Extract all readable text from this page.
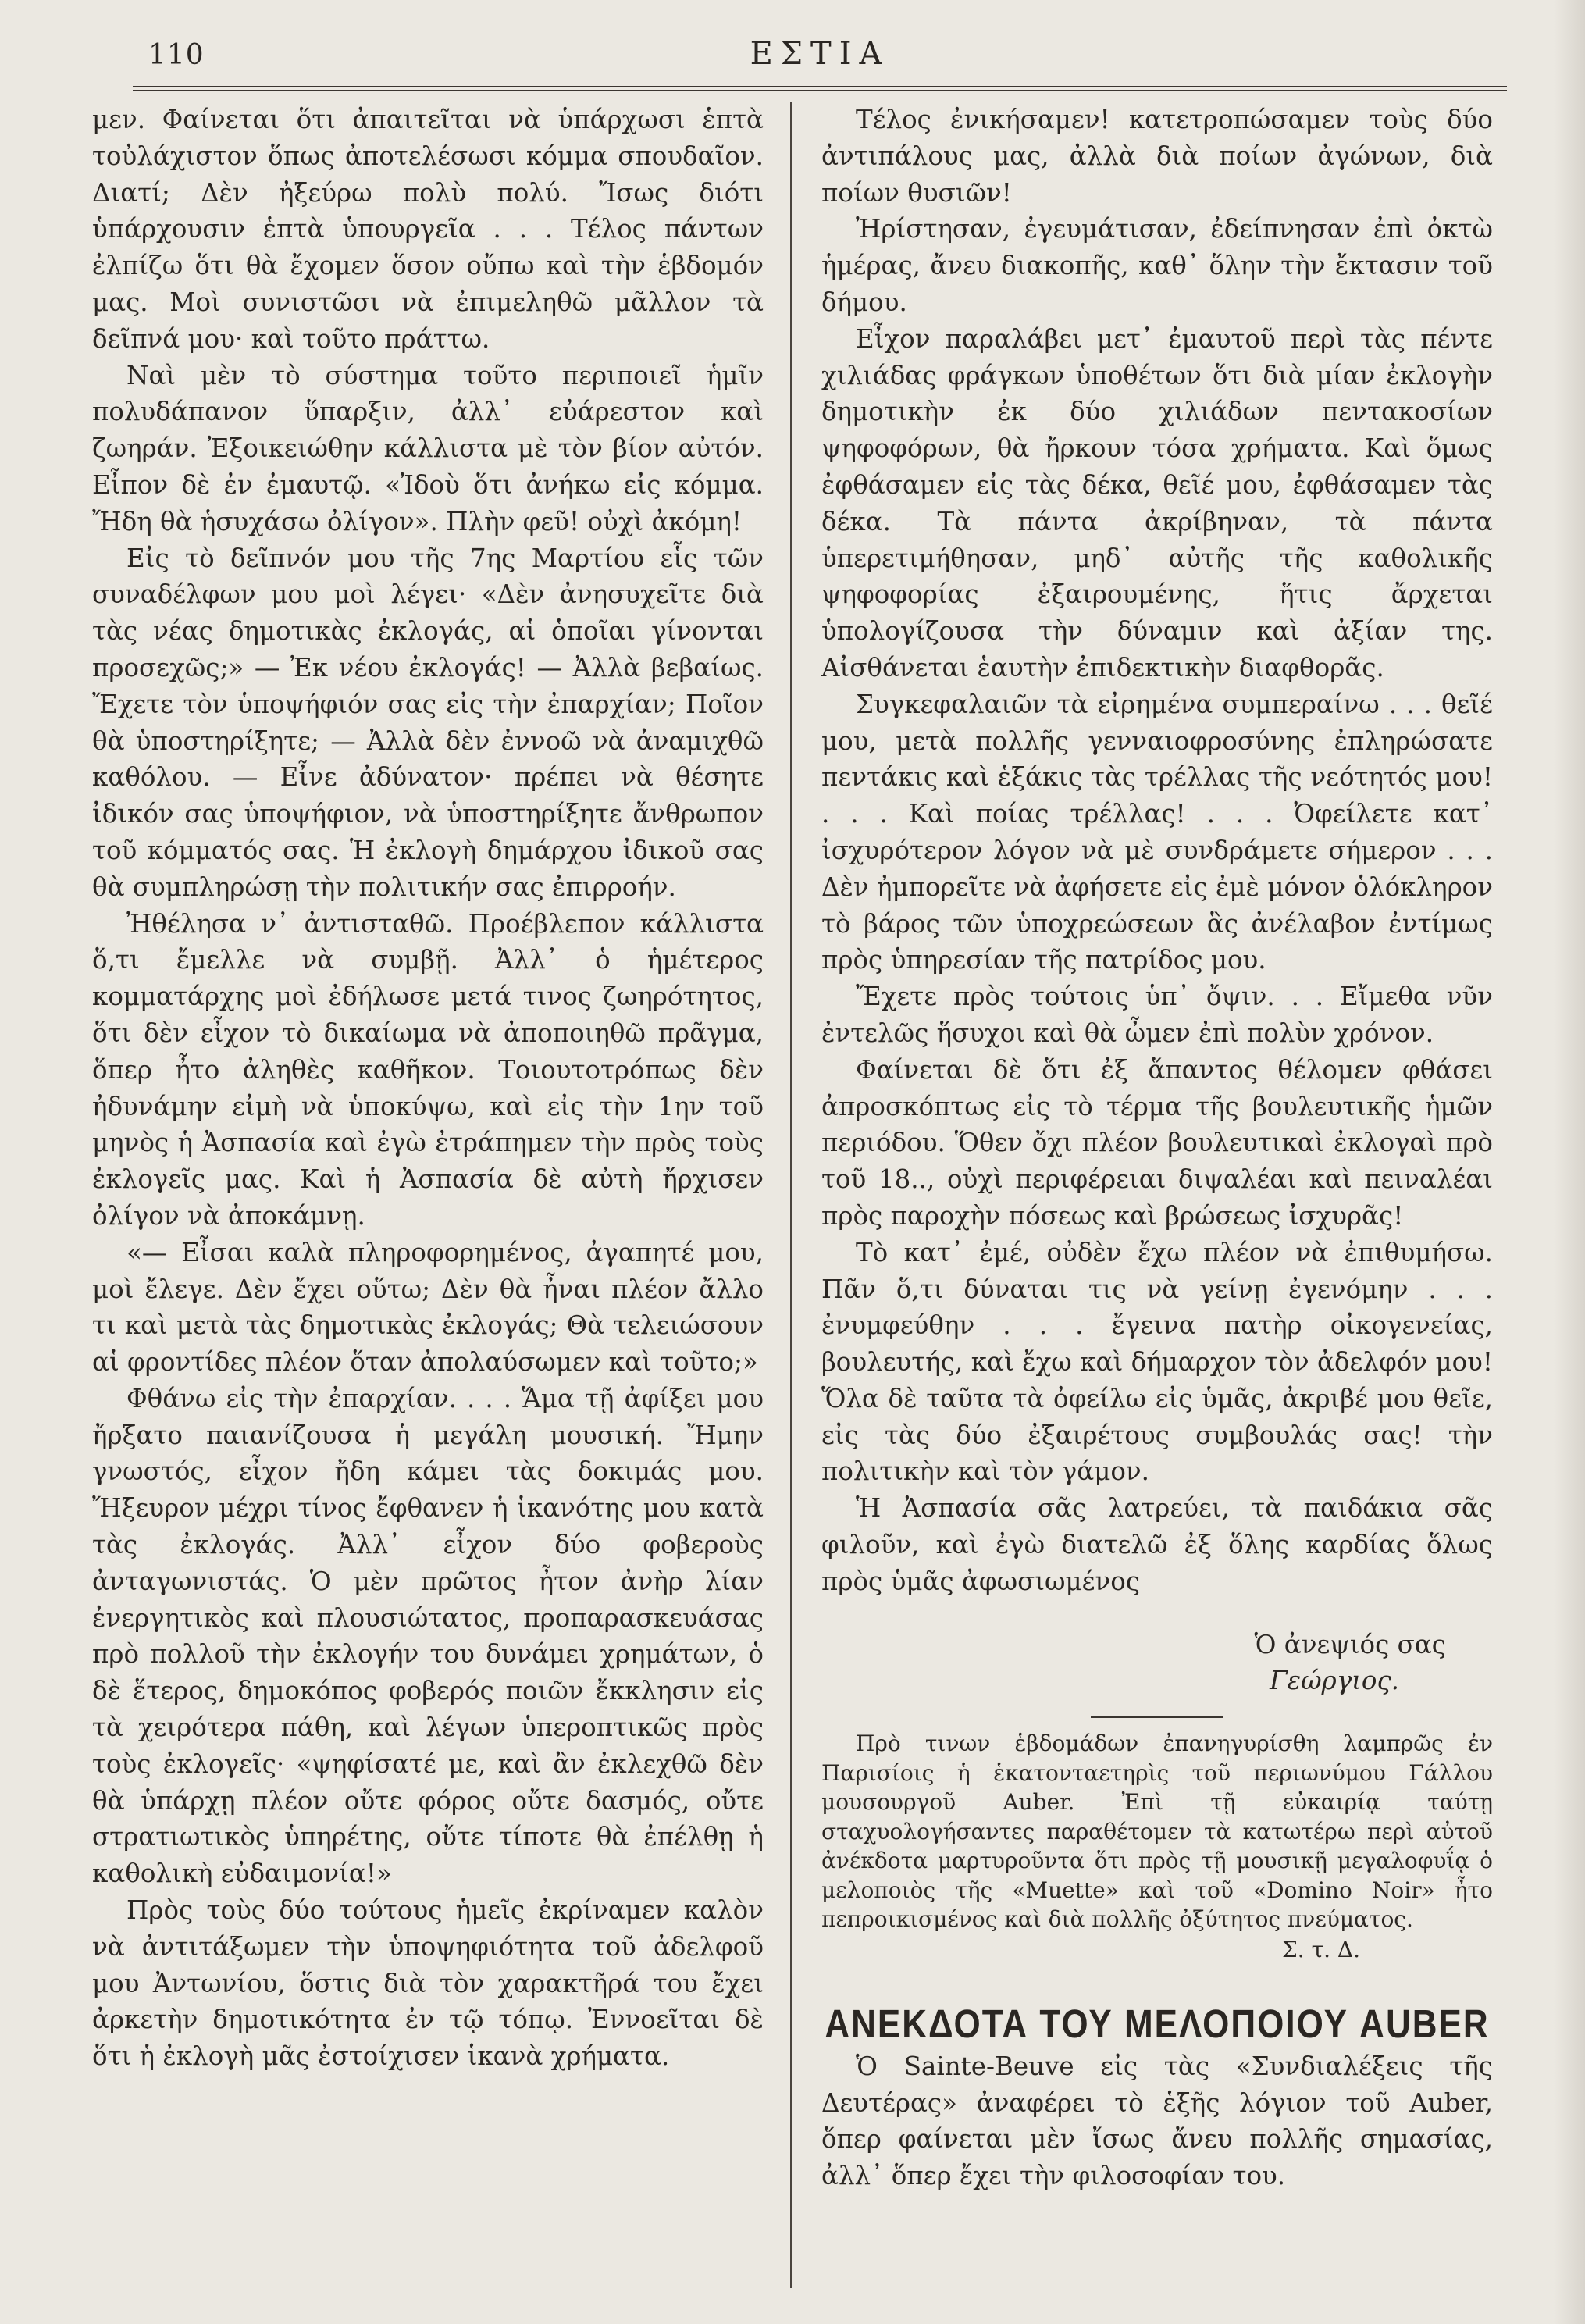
110	ΕΣΤΙΑ

μεν. Φαίνεται ὅτι ἀπαιτεῖται νὰ ὑπάρχωσι ἑπτὰ τοὐλάχιστον ὅπως ἀποτελέσωσι κόμμα σπουδαῖον. Διατί; Δὲν ἠξεύρω πολὺ πολύ. Ἴσως διότι ὑπάρχουσιν ἑπτὰ ὑπουργεῖα . . . Τέλος πάντων ἐλπίζω ὅτι θὰ ἔχομεν ὅσον οὔπω καὶ τὴν ἑβδομόν μας. Μοὶ συνιστῶσι νὰ ἐπιμεληθῶ μᾶλλον τὰ δεῖπνά μου· καὶ τοῦτο πράττω.

Ναὶ μὲν τὸ σύστημα τοῦτο περιποιεῖ ἡμῖν πολυδάπανον ὕπαρξιν, ἀλλ᾽ εὐάρεστον καὶ ζωηράν. Ἐξοικειώθην κάλλιστα μὲ τὸν βίον αὐτόν. Εἶπον δὲ ἐν ἐμαυτῷ. «Ἰδοὺ ὅτι ἀνήκω εἰς κόμμα. Ἤδη θὰ ἡσυχάσω ὀλίγον». Πλὴν φεῦ! οὐχὶ ἀκόμη!

Εἰς τὸ δεῖπνόν μου τῆς 7ης Μαρτίου εἷς τῶν συναδέλφων μου μοὶ λέγει· «Δὲν ἀνησυχεῖτε διὰ τὰς νέας δημοτικὰς ἐκλογάς, αἱ ὁποῖαι γίνονται προσεχῶς;» — Ἐκ νέου ἐκλογάς! — Ἀλλὰ βεβαίως. Ἔχετε τὸν ὑποψήφιόν σας εἰς τὴν ἐπαρχίαν; Ποῖον θὰ ὑποστηρίξητε; — Ἀλλὰ δὲν ἐννοῶ νὰ ἀναμιχθῶ καθόλου. — Εἶνε ἀδύνατον· πρέπει νὰ θέσητε ἰδικόν σας ὑποψήφιον, νὰ ὑποστηρίξητε ἄνθρωπον τοῦ κόμματός σας. Ἡ ἐκλογὴ δημάρχου ἰδικοῦ σας θὰ συμπληρώσῃ τὴν πολιτικήν σας ἐπιρροήν.

Ἠθέλησα ν᾽ ἀντισταθῶ. Προέβλεπον κάλλιστα ὅ,τι ἔμελλε νὰ συμβῇ. Ἀλλ᾽ ὁ ἡμέτερος κομματάρχης μοὶ ἐδήλωσε μετά τινος ζωηρότητος, ὅτι δὲν εἶχον τὸ δικαίωμα νὰ ἀποποιηθῶ πρᾶγμα, ὅπερ ἦτο ἀληθὲς καθῆκον. Τοιουτοτρόπως δὲν ἠδυνάμην εἰμὴ νὰ ὑποκύψω, καὶ εἰς τὴν 1ην τοῦ μηνὸς ἡ Ἀσπασία καὶ ἐγὼ ἐτράπημεν τὴν πρὸς τοὺς ἐκλογεῖς μας. Καὶ ἡ Ἀσπασία δὲ αὐτὴ ἤρχισεν ὀλίγον νὰ ἀποκάμνῃ.

«— Εἶσαι καλὰ πληροφορημένος, ἀγαπητέ μου, μοὶ ἔλεγε. Δὲν ἔχει οὕτω; Δὲν θὰ ἦναι πλέον ἄλλο τι καὶ μετὰ τὰς δημοτικὰς ἐκλογάς; Θὰ τελειώσουν αἱ φροντίδες πλέον ὅταν ἀπολαύσωμεν καὶ τοῦτο;»

Φθάνω εἰς τὴν ἐπαρχίαν. . . . Ἅμα τῇ ἀφίξει μου ἤρξατο παιανίζουσα ἡ μεγάλη μουσική. Ἤμην γνωστός, εἶχον ἤδη κάμει τὰς δοκιμάς μου. Ἤξευρον μέχρι τίνος ἔφθανεν ἡ ἱκανότης μου κατὰ τὰς ἐκλογάς. Ἀλλ᾽ εἶχον δύο φοβεροὺς ἀνταγωνιστάς. Ὁ μὲν πρῶτος ἦτον ἀνὴρ λίαν ἐνεργητικὸς καὶ πλουσιώτατος, προπαρασκευάσας πρὸ πολλοῦ τὴν ἐκλογήν του δυνάμει χρημάτων, ὁ δὲ ἕτερος, δημοκόπος φοβερός ποιῶν ἔκκλησιν εἰς τὰ χειρότερα πάθη, καὶ λέγων ὑπεροπτικῶς πρὸς τοὺς ἐκλογεῖς· «ψηφίσατέ με, καὶ ἂν ἐκλεχθῶ δὲν θὰ ὑπάρχῃ πλέον οὔτε φόρος οὔτε δασμός, οὔτε στρατιωτικὸς ὑπηρέτης, οὔτε τίποτε θὰ ἐπέλθῃ ἡ καθολικὴ εὐδαιμονία!»

Πρὸς τοὺς δύο τούτους ἡμεῖς ἐκρίναμεν καλὸν νὰ ἀντιτάξωμεν τὴν ὑποψηφιότητα τοῦ ἀδελφοῦ μου Ἀντωνίου, ὅστις διὰ τὸν χαρακτῆρά του ἔχει ἀρκετὴν δημοτικότητα ἐν τῷ τόπῳ. Ἐννοεῖται δὲ ὅτι ἡ ἐκλογὴ μᾶς ἐστοίχισεν ἱκανὰ χρήματα.

Τέλος ἐνικήσαμεν! κατετροπώσαμεν τοὺς δύο ἀντιπάλους μας, ἀλλὰ διὰ ποίων ἀγώνων, διὰ ποίων θυσιῶν!

Ἠρίστησαν, ἐγευμάτισαν, ἐδείπνησαν ἐπὶ ὀκτὼ ἡμέρας, ἄνευ διακοπῆς, καθ᾽ ὅλην τὴν ἔκτασιν τοῦ δήμου.

Εἶχον παραλάβει μετ᾽ ἐμαυτοῦ περὶ τὰς πέντε χιλιάδας φράγκων ὑποθέτων ὅτι διὰ μίαν ἐκλογὴν δημοτικὴν ἐκ δύο χιλιάδων πεντακοσίων ψηφοφόρων, θὰ ἤρκουν τόσα χρήματα. Καὶ ὅμως ἐφθάσαμεν εἰς τὰς δέκα, θεῖέ μου, ἐφθάσαμεν τὰς δέκα. Τὰ πάντα ἀκρίβηναν, τὰ πάντα ὑπερετιμήθησαν, μηδ᾽ αὐτῆς τῆς καθολικῆς ψηφοφορίας ἐξαιρουμένης, ἥτις ἄρχεται ὑπολογίζουσα τὴν δύναμιν καὶ ἀξίαν της. Αἰσθάνεται ἑαυτὴν ἐπιδεκτικὴν διαφθορᾶς.

Συγκεφαλαιῶν τὰ εἰρημένα συμπεραίνω . . . θεῖέ μου, μετὰ πολλῆς γενναιοφροσύνης ἐπληρώσατε πεντάκις καὶ ἑξάκις τὰς τρέλλας τῆς νεότητός μου! . . . Καὶ ποίας τρέλλας! . . . Ὀφείλετε κατ᾽ ἰσχυρότερον λόγον νὰ μὲ συνδράμετε σήμερον . . . Δὲν ἠμπορεῖτε νὰ ἀφήσετε εἰς ἐμὲ μόνον ὁλόκληρον τὸ βάρος τῶν ὑποχρεώσεων ἃς ἀνέλαβον ἐντίμως πρὸς ὑπηρεσίαν τῆς πατρίδος μου.

Ἔχετε πρὸς τούτοις ὑπ᾽ ὄψιν. . . Εἴμεθα νῦν ἐντελῶς ἥσυχοι καὶ θὰ ὦμεν ἐπὶ πολὺν χρόνον.

Φαίνεται δὲ ὅτι ἐξ ἅπαντος θέλομεν φθάσει ἀπροσκόπτως εἰς τὸ τέρμα τῆς βουλευτικῆς ἡμῶν περιόδου. Ὅθεν ὄχι πλέον βουλευτικαὶ ἐκλογαὶ πρὸ τοῦ 18.., οὐχὶ περιφέρειαι διψαλέαι καὶ πειναλέαι πρὸς παροχὴν πόσεως καὶ βρώσεως ἰσχυρᾶς!

Τὸ κατ᾽ ἐμέ, οὐδὲν ἔχω πλέον νὰ ἐπιθυμήσω. Πᾶν ὅ,τι δύναται τις νὰ γείνῃ ἐγενόμην . . . ἐνυμφεύθην . . . ἔγεινα πατὴρ οἰκογενείας, βουλευτής, καὶ ἔχω καὶ δήμαρχον τὸν ἀδελφόν μου! Ὅλα δὲ ταῦτα τὰ ὀφείλω εἰς ὑμᾶς, ἀκριβέ μου θεῖε, εἰς τὰς δύο ἐξαιρέτους συμβουλάς σας! τὴν πολιτικὴν καὶ τὸν γάμον.

Ἡ Ἀσπασία σᾶς λατρεύει, τὰ παιδάκια σᾶς φιλοῦν, καὶ ἐγὼ διατελῶ ἐξ ὅλης καρδίας ὅλως πρὸς ὑμᾶς ἀφωσιωμένος

Ὁ ἀνεψιός σας

Γεώργιος.

Πρὸ τινων ἑβδομάδων ἐπανηγυρίσθη λαμπρῶς ἐν Παρισίοις ἡ ἑκατονταετηρὶς τοῦ περιωνύμου Γάλλου μουσουργοῦ Auber. Ἐπὶ τῇ εὐκαιρίᾳ ταύτῃ σταχυολογήσαντες παραθέτομεν τὰ κατωτέρω περὶ αὐτοῦ ἀνέκδοτα μαρτυροῦντα ὅτι πρὸς τῇ μουσικῇ μεγαλοφυΐᾳ ὁ μελοποιὸς τῆς «Muette» καὶ τοῦ «Domino Noir» ἦτο πεπροικισμένος καὶ διὰ πολλῆς ὀξύτητος πνεύματος.

Σ. τ. Δ.
ΑΝΕΚΔΟΤΑ ΤΟΥ ΜΕΛΟΠΟΙΟΥ AUBER

Ὁ Sainte-Beuve εἰς τὰς «Συνδιαλέξεις τῆς Δευτέρας» ἀναφέρει τὸ ἑξῆς λόγιον τοῦ Auber, ὅπερ φαίνεται μὲν ἴσως ἄνευ πολλῆς σημασίας, ἀλλ᾽ ὅπερ ἔχει τὴν φιλοσοφίαν του.
